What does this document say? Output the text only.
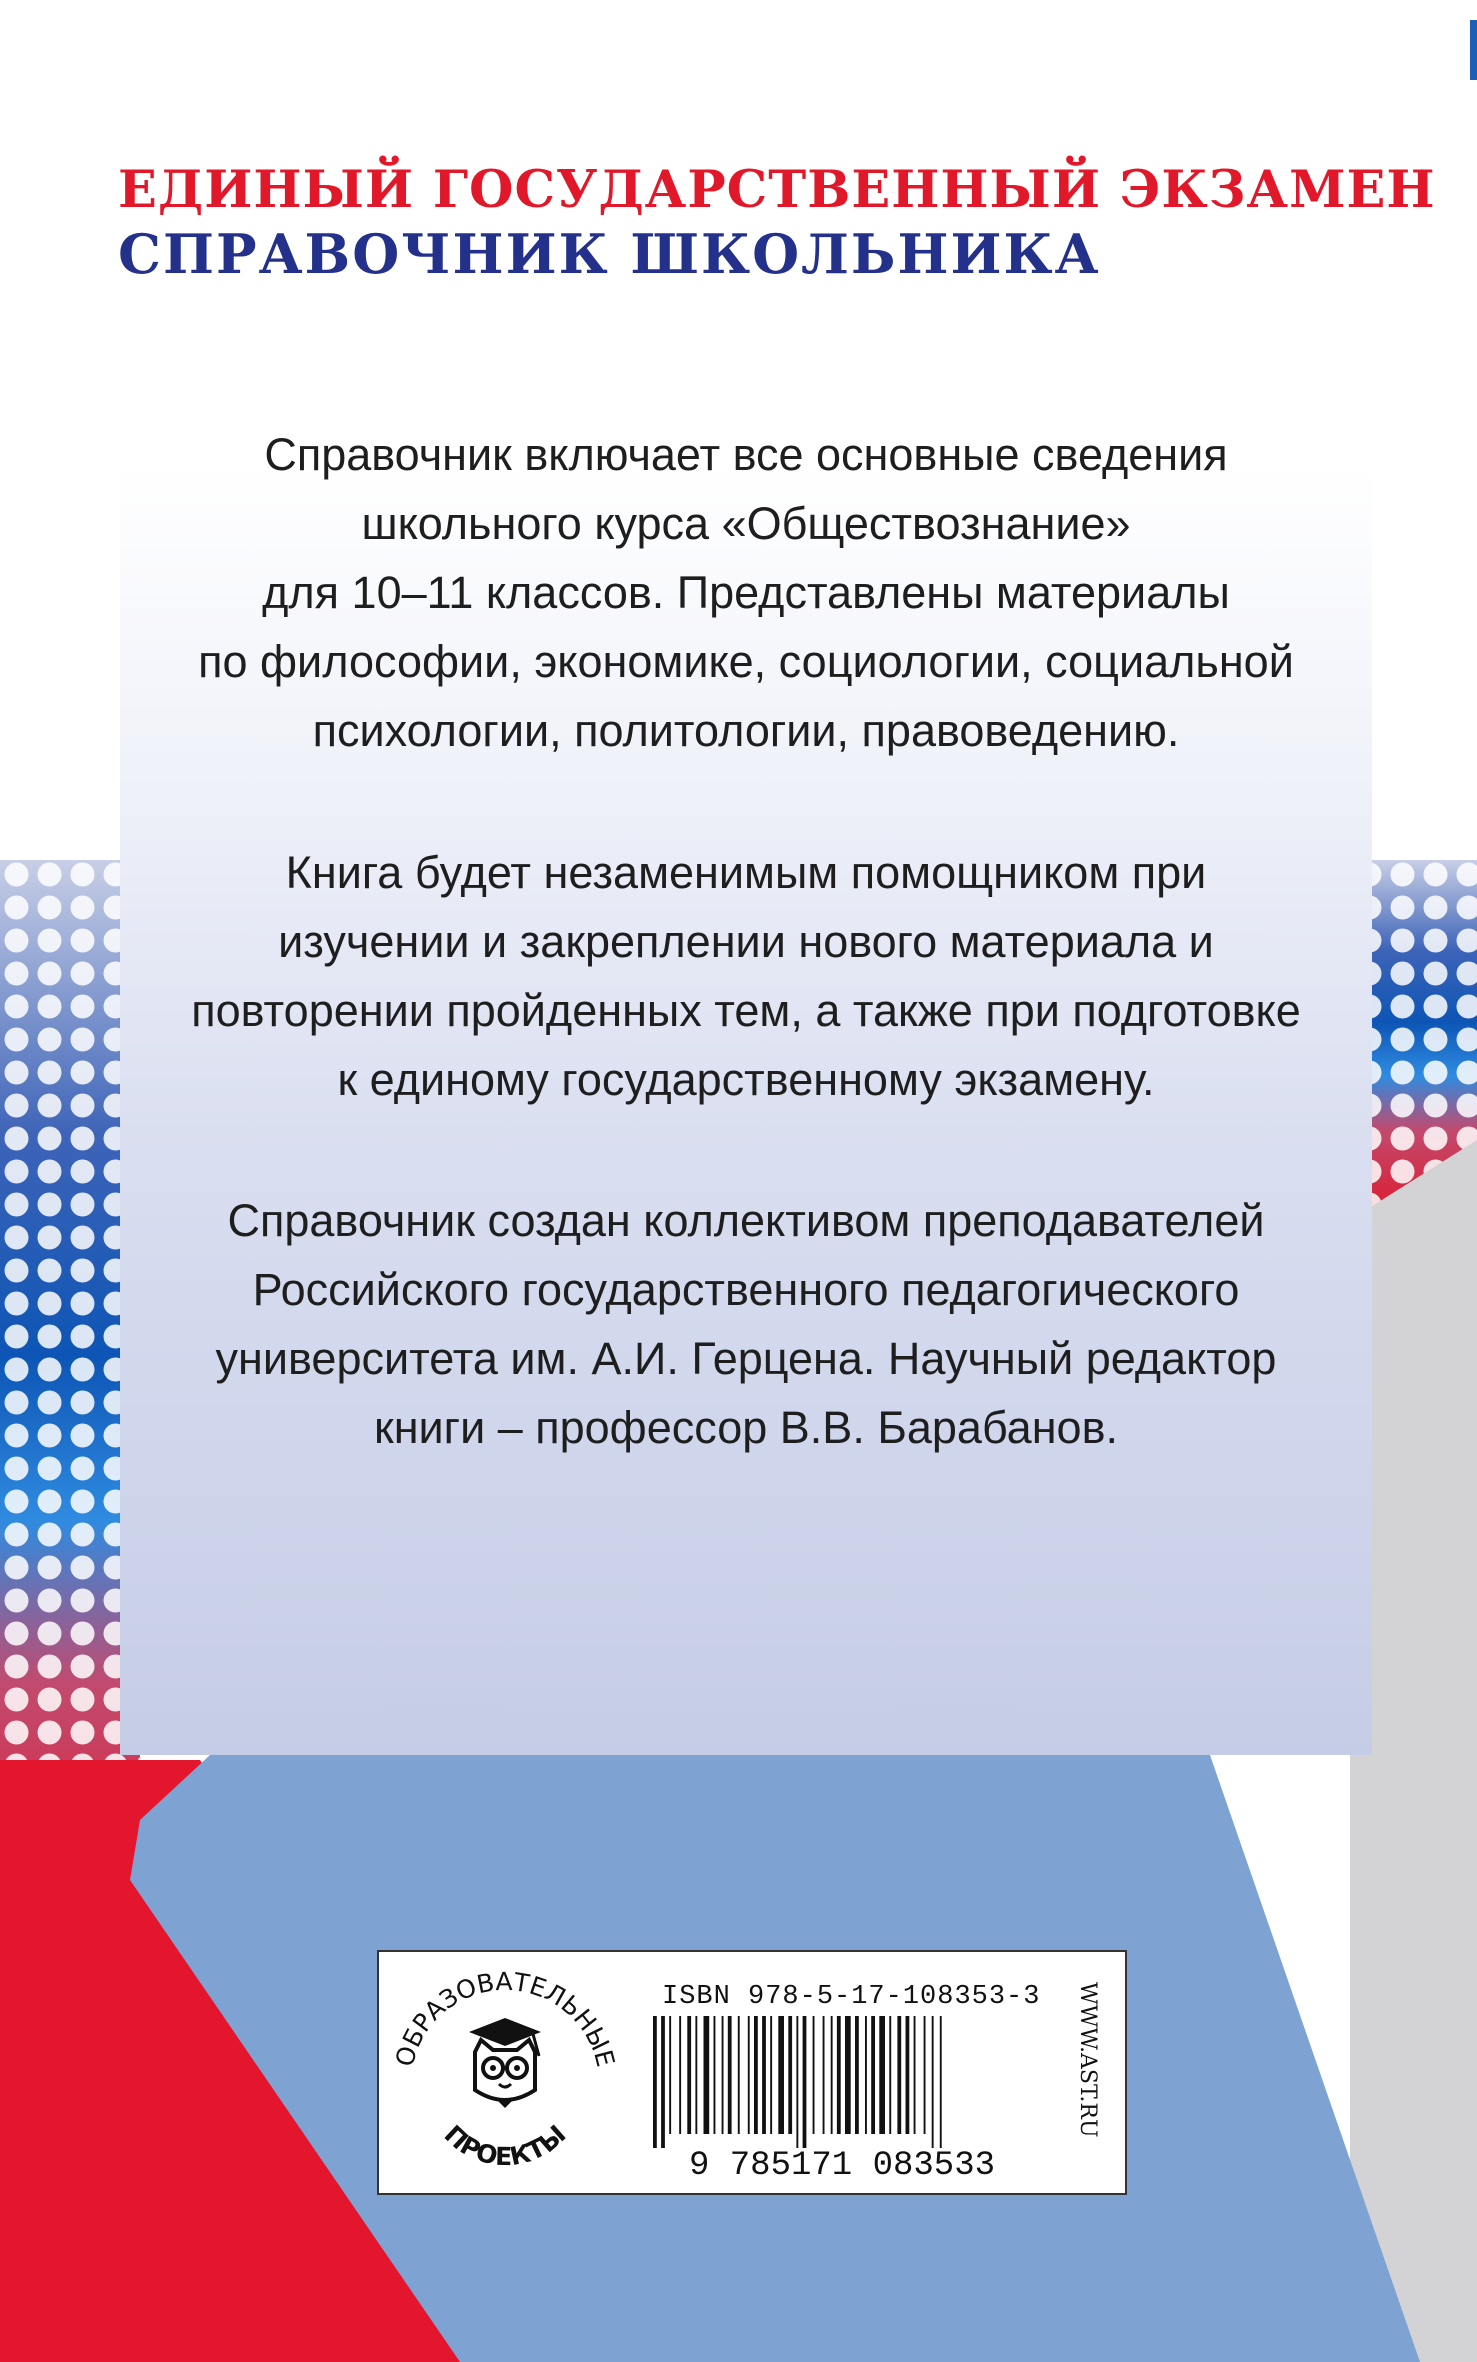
ЕДИНЫЙ ГОСУДАРСТВЕННЫЙ ЭКЗАМЕН
СПРАВОЧНИК ШКОЛЬНИКА

Справочник включает все основные сведения

школьного курса «Обществознание»

для 10–11 классов. Представлены материалы

по философии, экономике, социологии, социальной

психологии, политологии, правоведению.

Книга будет незаменимым помощником при

изучении и закреплении нового материала и

повторении пройденных тем, а также при подготовке

к единому государственному экзамену.

Справочник создан коллективом преподавателей

Российского государственного педагогического

университета им. А.И. Герцена. Научный редактор

книги – профессор В.В. Барабанов.

ОБРАЗОВАТЕЛЬНЫЕ
ПРОЕКТЫ
ISBN 978-5-17-108353-3
9 785171 083533
WWW.AST.RU
